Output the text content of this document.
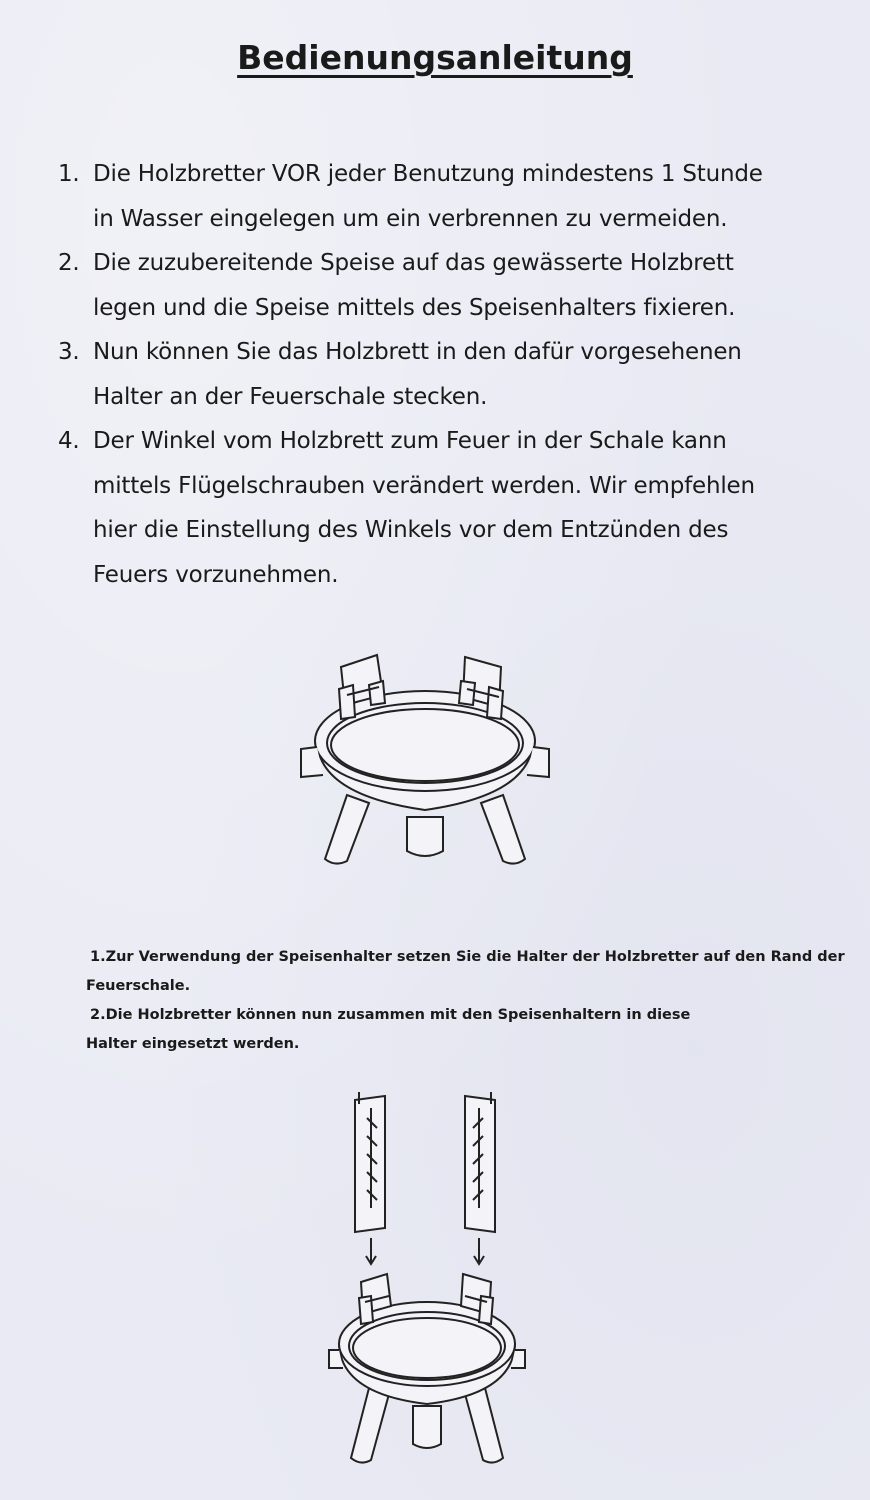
Bedienungsanleitung
1. Die Holzbretter VOR jeder Benutzung mindestens 1 Stunde
in Wasser eingelegen um ein verbrennen zu vermeiden.
2. Die zuzubereitende Speise auf das gewässerte Holzbrett
legen und die Speise mittels des Speisenhalters fixieren.
3. Nun können Sie das Holzbrett in den dafür vorgesehenen
Halter an der Feuerschale stecken.
4. Der Winkel vom Holzbrett zum Feuer in der Schale kann
mittels Flügelschrauben verändert werden. Wir empfehlen
hier die Einstellung des Winkels vor dem Entzünden des
Feuers vorzunehmen.

1.Zur Verwendung der Speisenhalter setzen Sie die Halter der Holzbretter auf den Rand der
Feuerschale.

2.Die Holzbretter können nun zusammen mit den Speisenhaltern in diese
Halter eingesetzt werden.
